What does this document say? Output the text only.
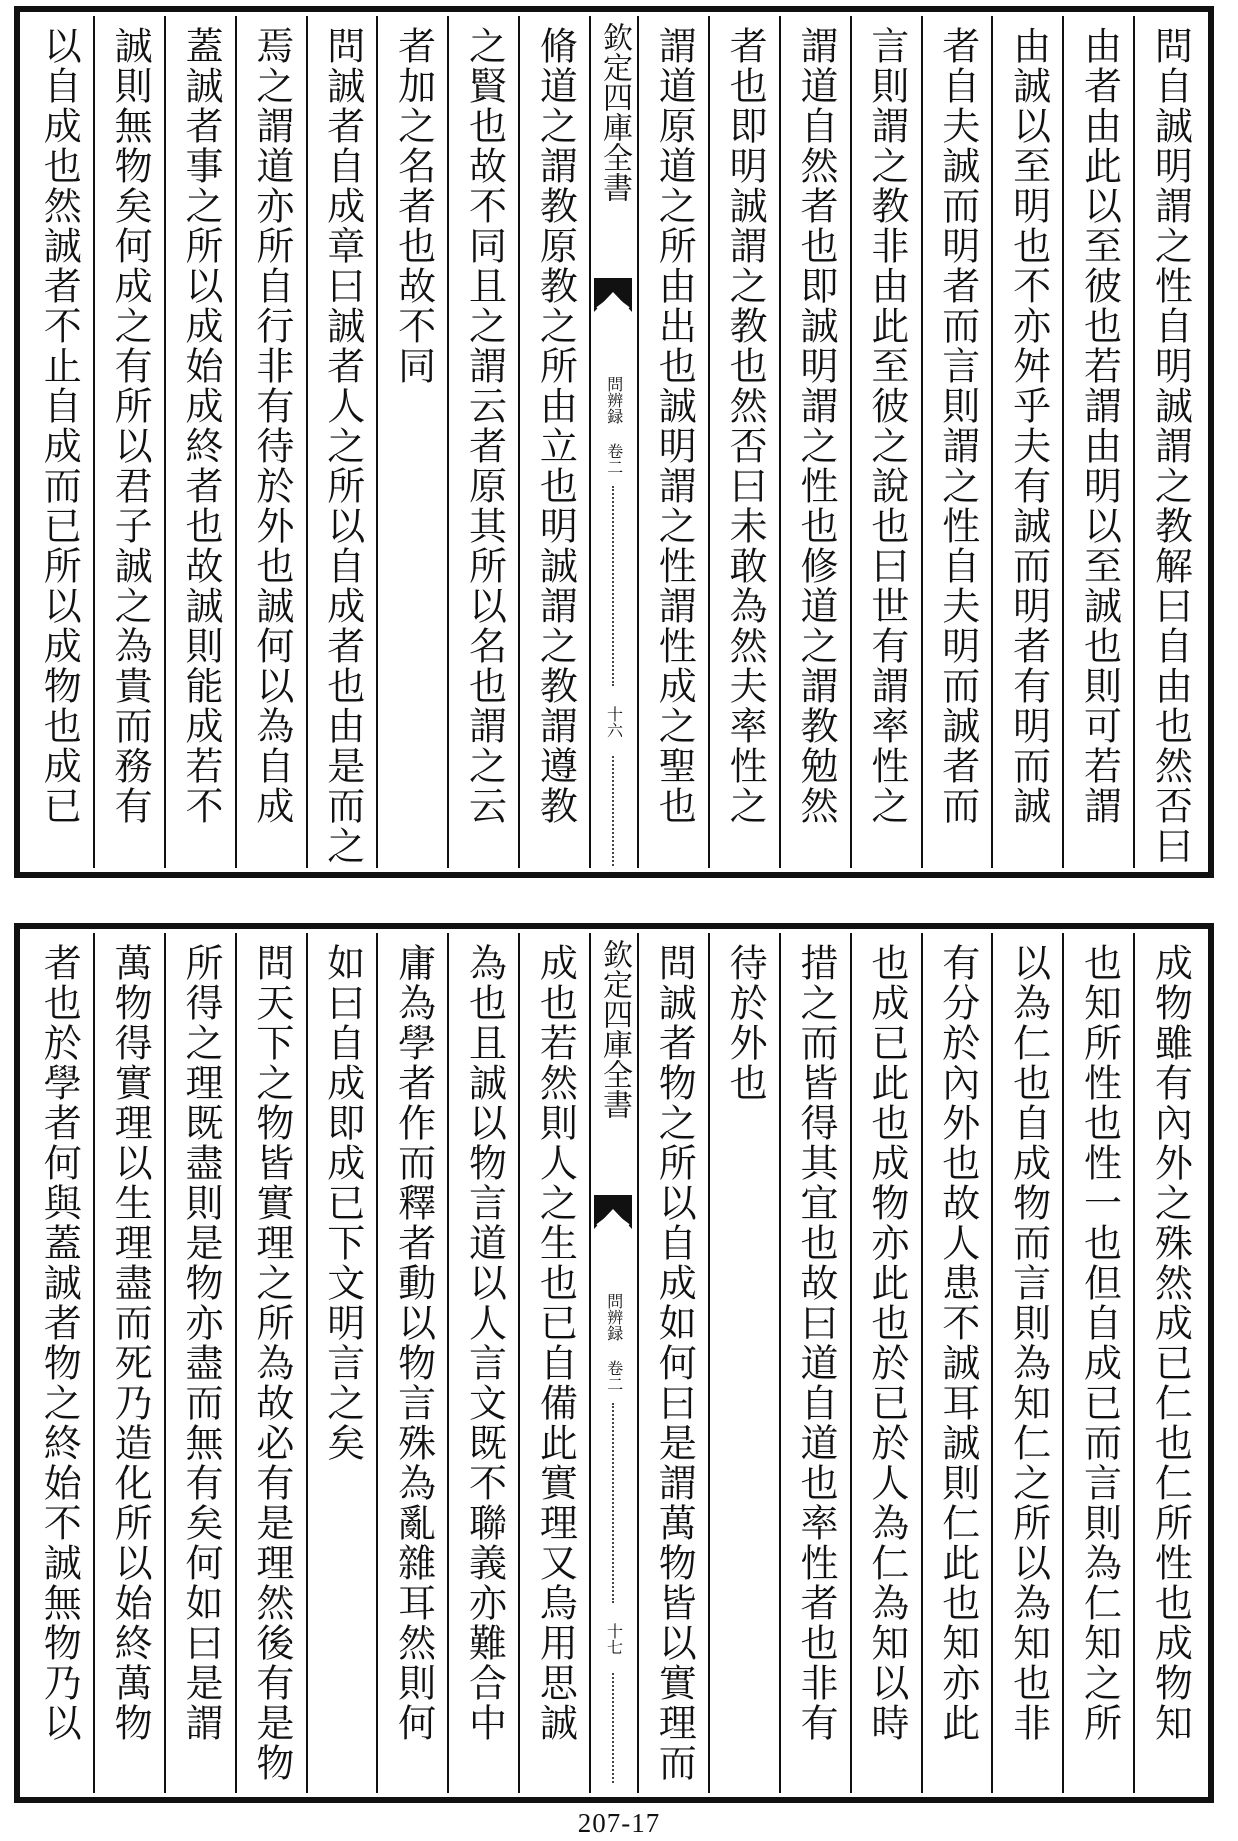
問自誠明謂之性自明誠謂之教解曰自由也然否曰
由者由此以至彼也若謂由明以至誠也則可若謂
由誠以至明也不亦舛乎夫有誠而明者有明而誠
者自夫誠而明者而言則謂之性自夫明而誠者而
言則謂之教非由此至彼之說也曰世有謂率性之
謂道自然者也即誠明謂之性也修道之謂教勉然
者也即明誠謂之教也然否曰未敢為然夫率性之
謂道原道之所由出也誠明謂之性謂性成之聖也
欽定四庫全書
問辨録 卷二
十六
脩道之謂教原教之所由立也明誠謂之教謂遵教
之賢也故不同且之謂云者原其所以名也謂之云
者加之名者也故不同
問誠者自成章曰誠者人之所以自成者也由是而之
焉之謂道亦所自行非有待於外也誠何以為自成
蓋誠者事之所以成始成終者也故誠則能成若不
誠則無物矣何成之有所以君子誠之為貴而務有
以自成也然誠者不止自成而已所以成物也成已
成物雖有內外之殊然成已仁也仁所性也成物知
也知所性也性一也但自成已而言則為仁知之所
以為仁也自成物而言則為知仁之所以為知也非
有分於內外也故人患不誠耳誠則仁此也知亦此
也成已此也成物亦此也於已於人為仁為知以時
措之而皆得其宜也故曰道自道也率性者也非有
待於外也
問誠者物之所以自成如何曰是謂萬物皆以實理而
欽定四庫全書
問辨録 卷二
十七
成也若然則人之生也已自備此實理又烏用思誠
為也且誠以物言道以人言文既不聯義亦難合中
庸為學者作而釋者動以物言殊為亂雜耳然則何
如曰自成即成已下文明言之矣
問天下之物皆實理之所為故必有是理然後有是物
所得之理既盡則是物亦盡而無有矣何如曰是謂
萬物得實理以生理盡而死乃造化所以始終萬物
者也於學者何與蓋誠者物之終始不誠無物乃以
207-17
